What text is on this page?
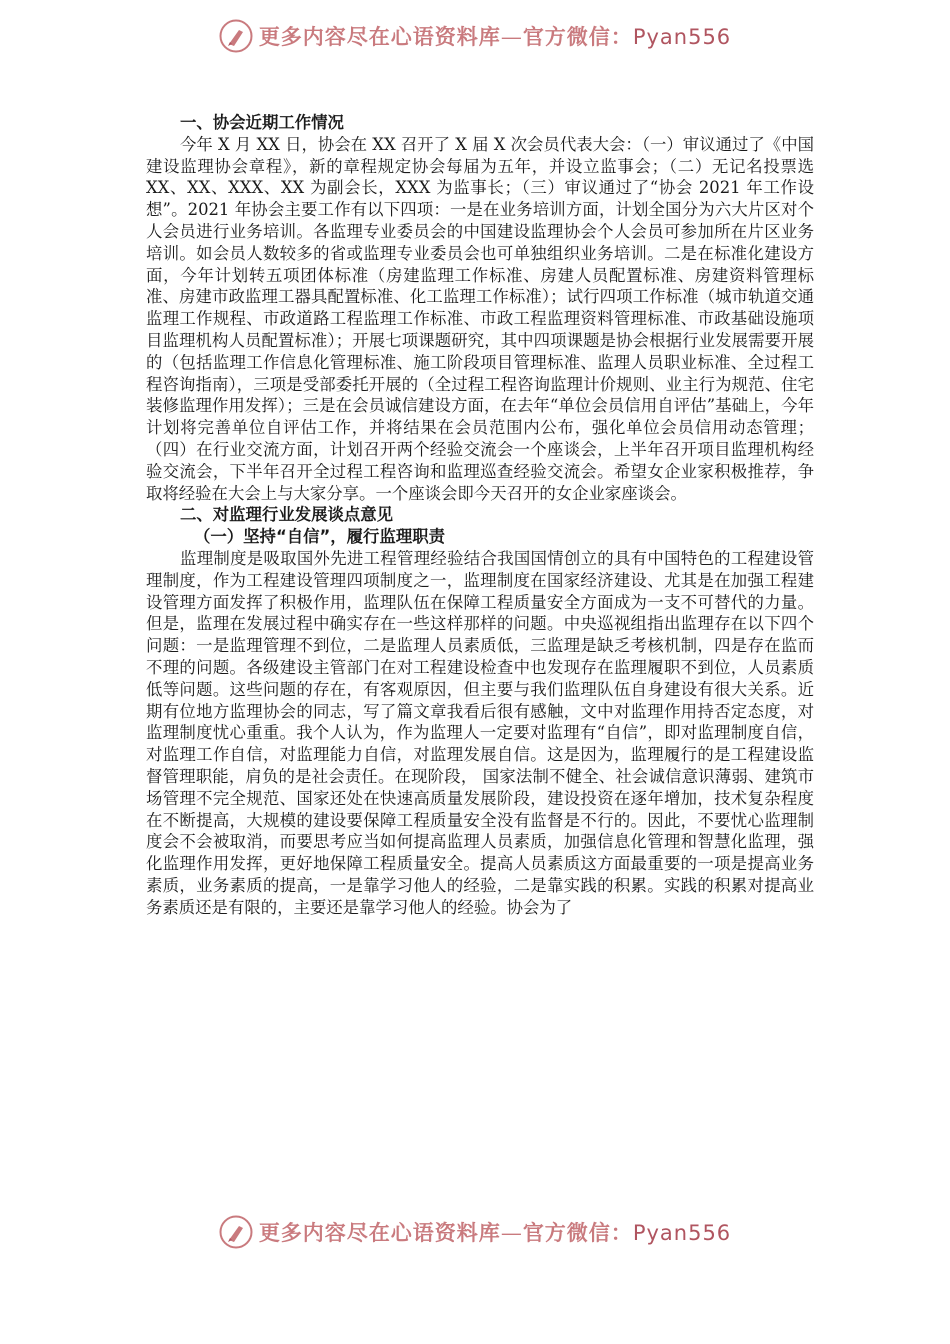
更多内容尽在心语资料库—官方微信：Pyan556

一、协会近期工作情况

今年 X 月 XX 日，协会在 XX 召开了 X 届 X 次会员代表大会：（一）审议通过了《中国建设监理协会章程》，新的章程规定协会每届为五年，并设立监事会；（二）无记名投票选 XX、XX、XXX、XX 为副会长，XXX 为监事长；（三）审议通过了“协会 2021 年工作设想”。2021 年协会主要工作有以下四项：一是在业务培训方面，计划全国分为六大片区对个人会员进行业务培训。各监理专业委员会的中国建设监理协会个人会员可参加所在片区业务培训。如会员人数较多的省或监理专业委员会也可单独组织业务培训。二是在标准化建设方面，今年计划转五项团体标准（房建监理工作标准、房建人员配置标准、房建资料管理标准、房建市政监理工器具配置标准、化工监理工作标准）；试行四项工作标准（城市轨道交通监理工作规程、市政道路工程监理工作标准、市政工程监理资料管理标准、市政基础设施项目监理机构人员配置标准）；开展七项课题研究，其中四项课题是协会根据行业发展需要开展的（包括监理工作信息化管理标准、施工阶段项目管理标准、监理人员职业标准、全过程工程咨询指南），三项是受部委托开展的（全过程工程咨询监理计价规则、业主行为规范、住宅装修监理作用发挥）；三是在会员诚信建设方面，在去年“单位会员信用自评估”基础上，今年计划将完善单位自评估工作，并将结果在会员范围内公布，强化单位会员信用动态管理；（四）在行业交流方面，计划召开两个经验交流会一个座谈会，上半年召开项目监理机构经验交流会，下半年召开全过程工程咨询和监理巡查经验交流会。希望女企业家积极推荐，争取将经验在大会上与大家分享。一个座谈会即今天召开的女企业家座谈会。

二、对监理行业发展谈点意见

（一）坚持“自信”，履行监理职责

监理制度是吸取国外先进工程管理经验结合我国国情创立的具有中国特色的工程建设管理制度，作为工程建设管理四项制度之一，监理制度在国家经济建设、尤其是在加强工程建设管理方面发挥了积极作用，监理队伍在保障工程质量安全方面成为一支不可替代的力量。但是，监理在发展过程中确实存在一些这样那样的问题。中央巡视组指出监理存在以下四个问题：一是监理管理不到位，二是监理人员素质低，三监理是缺乏考核机制，四是存在监而不理的问题。各级建设主管部门在对工程建设检查中也发现存在监理履职不到位，人员素质低等问题。这些问题的存在，有客观原因，但主要与我们监理队伍自身建设有很大关系。近期有位地方监理协会的同志，写了篇文章我看后很有感触，文中对监理作用持否定态度，对监理制度忧心重重。我个人认为，作为监理人一定要对监理有“自信”，即对监理制度自信，对监理工作自信，对监理能力自信，对监理发展自信。这是因为，监理履行的是工程建设监督管理职能，肩负的是社会责任。在现阶段， 国家法制不健全、社会诚信意识薄弱、建筑市场管理不完全规范、国家还处在快速高质量发展阶段，建设投资在逐年增加，技术复杂程度在不断提高，大规模的建设要保障工程质量安全没有监督是不行的。因此，不要忧心监理制度会不会被取消，而要思考应当如何提高监理人员素质，加强信息化管理和智慧化监理，强化监理作用发挥，更好地保障工程质量安全。提高人员素质这方面最重要的一项是提高业务素质，业务素质的提高，一是靠学习他人的经验，二是靠实践的积累。实践的积累对提高业务素质还是有限的，主要还是靠学习他人的经验。协会为了

更多内容尽在心语资料库—官方微信：Pyan556
